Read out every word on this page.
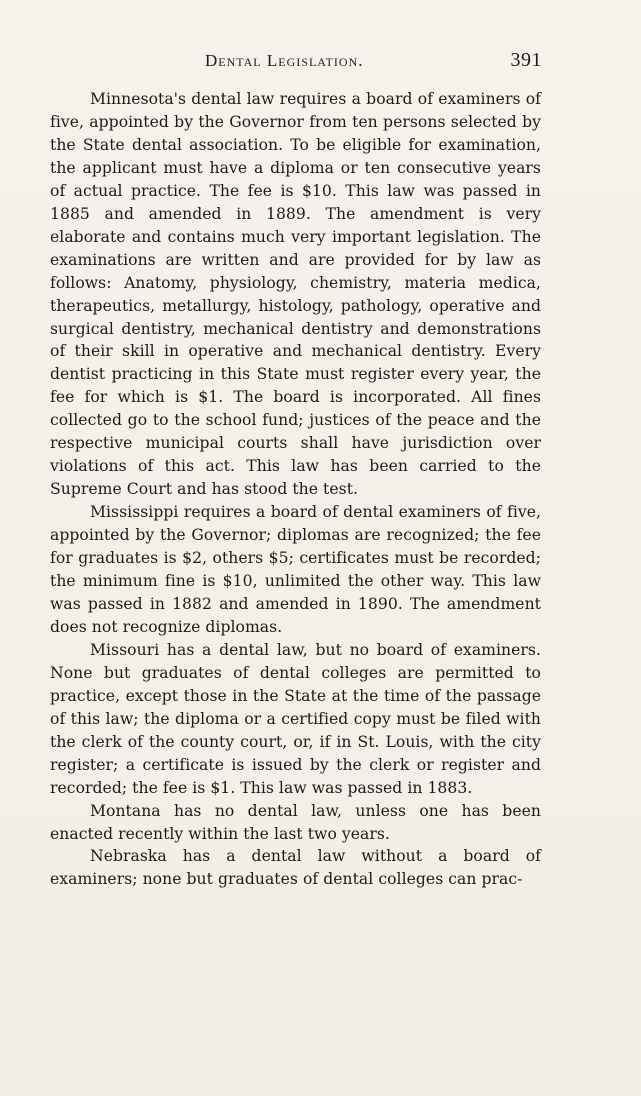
Dental Legislation.	391

Minnesota's dental law requires a board of examiners of five, appointed by the Governor from ten persons selected by the State dental association. To be eligible for examination, the applicant must have a diploma or ten consecutive years of actual practice. The fee is $10. This law was passed in 1885 and amended in 1889. The amendment is very elaborate and contains much very important legislation. The examinations are written and are provided for by law as follows: Anatomy, physiology, chemistry, materia medica, therapeutics, metallurgy, histology, pathology, operative and surgical dentistry, mechanical dentistry and demonstrations of their skill in operative and mechanical dentistry. Every dentist practicing in this State must register every year, the fee for which is $1. The board is incorporated. All fines collected go to the school fund; justices of the peace and the respective municipal courts shall have jurisdiction over violations of this act. This law has been carried to the Supreme Court and has stood the test.

Mississippi requires a board of dental examiners of five, appointed by the Governor; diplomas are recognized; the fee for graduates is $2, others $5; certificates must be recorded; the minimum fine is $10, unlimited the other way. This law was passed in 1882 and amended in 1890. The amendment does not recognize diplomas.

Missouri has a dental law, but no board of examiners. None but graduates of dental colleges are permitted to practice, except those in the State at the time of the passage of this law; the diploma or a certified copy must be filed with the clerk of the county court, or, if in St. Louis, with the city register; a certificate is issued by the clerk or register and recorded; the fee is $1. This law was passed in 1883.

Montana has no dental law, unless one has been enacted recently within the last two years.

Nebraska has a dental law without a board of examiners; none but graduates of dental colleges can prac-
